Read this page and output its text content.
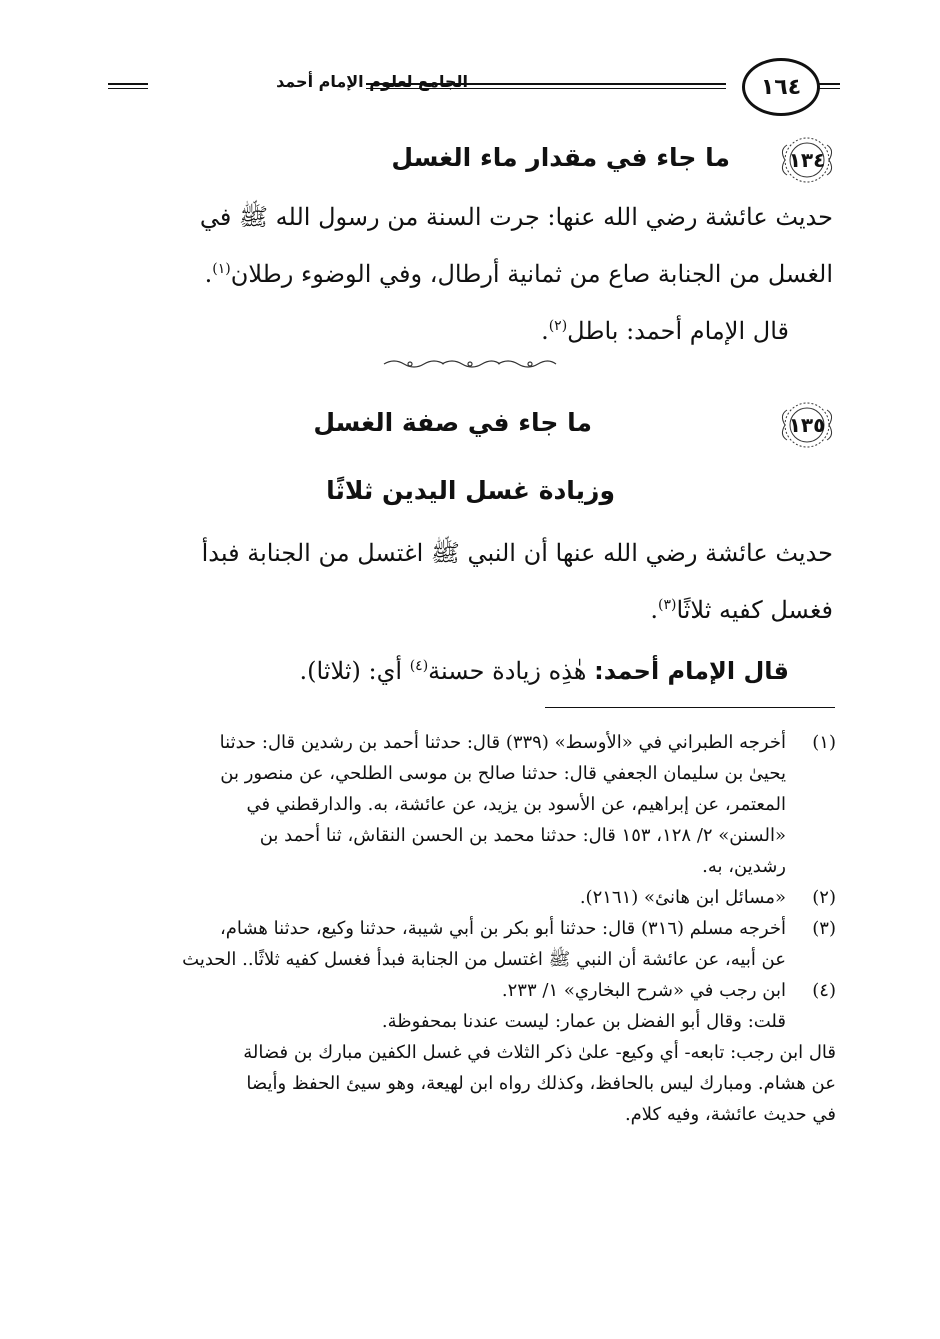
الجامع لعلوم الإمام أحمد	١٦٤
١٣٤
ما جاء في مقدار ماء الغسل
حديث عائشة رضي الله عنها: جرت السنة من رسول الله ﷺ في
الغسل من الجنابة صاع من ثمانية أرطال، وفي الوضوء رطلان$^{(١)}$.
قال الإمام أحمد: باطل$^{(٢)}$.
١٣٥
ما جاء في صفة الغسل
وزيادة غسل اليدين ثلاثًا
حديث عائشة رضي الله عنها أن النبي ﷺ اغتسل من الجنابة فبدأ
فغسل كفيه ثلاثًا$^{(٣)}$.
قال الإمام أحمد: هٰذِه زيادة حسنة$^{(٤)}$ أي: (ثلاثا).
(١)
أخرجه الطبراني في «الأوسط» (٣٣٩) قال: حدثنا أحمد بن رشدين قال: حدثنا
يحيىٰ بن سليمان الجعفي قال: حدثنا صالح بن موسى الطلحي، عن منصور بن
المعتمر، عن إبراهيم، عن الأسود بن يزيد، عن عائشة، به. والدارقطني في
«السنن» ٢/ ١٢٨، ١٥٣ قال: حدثنا محمد بن الحسن النقاش، ثنا أحمد بن
رشدين، به.
(٢)
«مسائل ابن هانئ» (٢١٦١).
(٣)
أخرجه مسلم (٣١٦) قال: حدثنا أبو بكر بن أبي شيبة، حدثنا وكيع، حدثنا هشام،
عن أبيه، عن عائشة أن النبي ﷺ اغتسل من الجنابة فبدأ فغسل كفيه ثلاثًا.. الحديث
(٤)
ابن رجب في «شرح البخاري» ١/ ٢٣٣.
قلت: وقال أبو الفضل بن عمار: ليست عندنا بمحفوظة.
قال ابن رجب: تابعه- أي وكيع- علىٰ ذكر الثلاث في غسل الكفين مبارك بن فضالة
عن هشام. ومبارك ليس بالحافظ، وكذلك رواه ابن لهيعة، وهو سيئ الحفظ وأيضا
في حديث عائشة، وفيه كلام.
